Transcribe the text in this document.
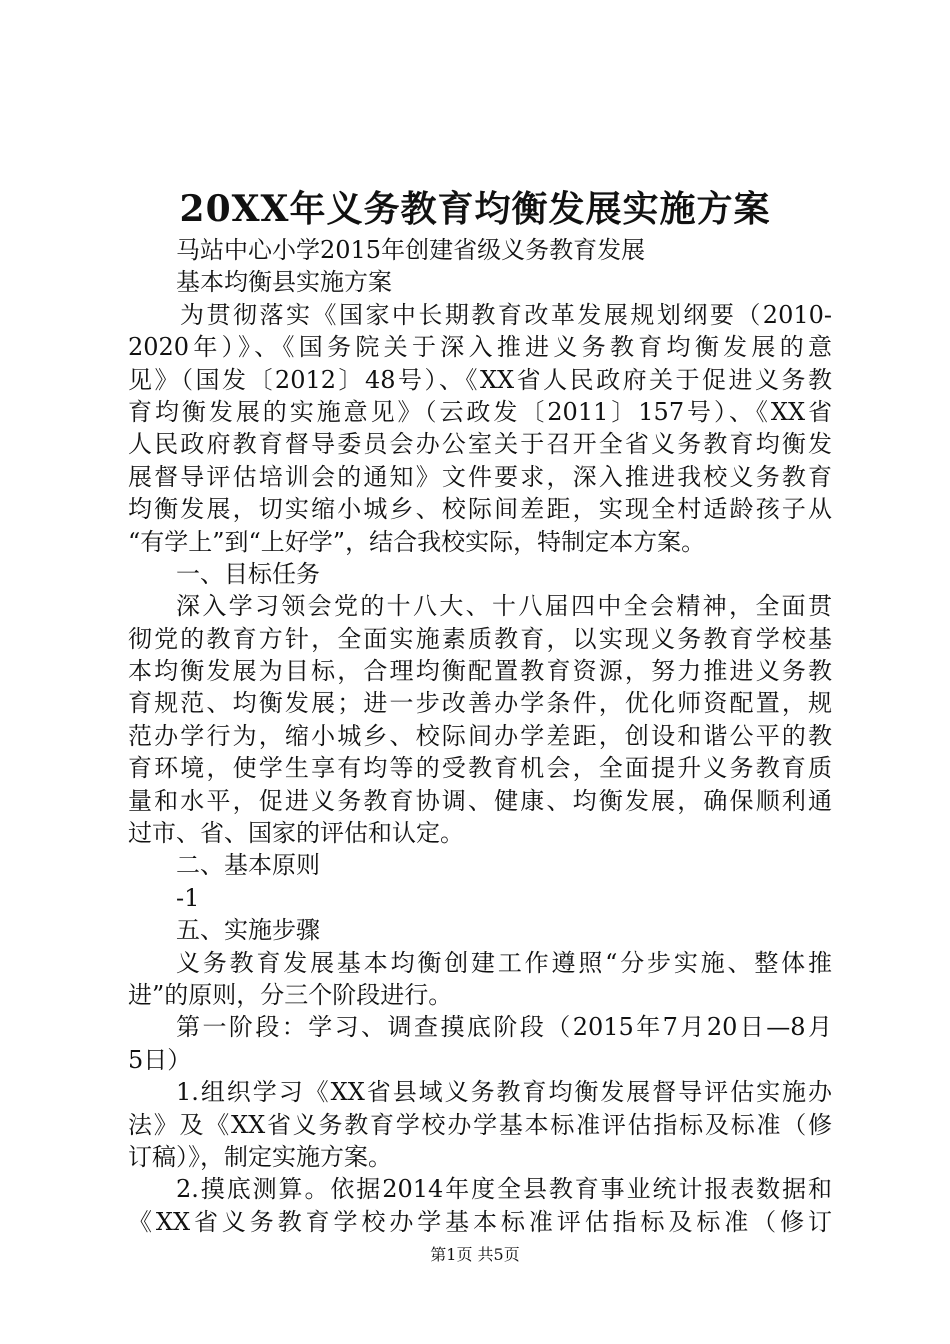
20XX年义务教育均衡发展实施方案
马站中心小学2015年创建省级义务教育发展
基本均衡县实施方案
为贯彻落实《国家中长期教育改革发展规划纲要（2010-
2020年）》、《国务院关于深入推进义务教育均衡发展的意
见》（国发〔2012〕48号）、《XX省人民政府关于促进义务教
育均衡发展的实施意见》（云政发〔2011〕157号）、《XX省
人民政府教育督导委员会办公室关于召开全省义务教育均衡发
展督导评估培训会的通知》文件要求，深入推进我校义务教育
均衡发展，切实缩小城乡、校际间差距，实现全村适龄孩子从
“有学上”到“上好学”，结合我校实际，特制定本方案。
一、目标任务
深入学习领会党的十八大、十八届四中全会精神，全面贯
彻党的教育方针，全面实施素质教育，以实现义务教育学校基
本均衡发展为目标，合理均衡配置教育资源，努力推进义务教
育规范、均衡发展；进一步改善办学条件，优化师资配置，规
范办学行为，缩小城乡、校际间办学差距，创设和谐公平的教
育环境，使学生享有均等的受教育机会，全面提升义务教育质
量和水平，促进义务教育协调、健康、均衡发展，确保顺利通
过市、省、国家的评估和认定。
二、基本原则
-1
五、实施步骤
义务教育发展基本均衡创建工作遵照“分步实施、整体推
进”的原则，分三个阶段进行。
第一阶段：学习、调查摸底阶段（2015年7月20日—8月
5日）
1.组织学习《XX省县域义务教育均衡发展督导评估实施办
法》及《XX省义务教育学校办学基本标准评估指标及标准（修
订稿）》，制定实施方案。
2.摸底测算。依据2014年度全县教育事业统计报表数据和
《XX省义务教育学校办学基本标准评估指标及标准（修订
第1页 共5页
